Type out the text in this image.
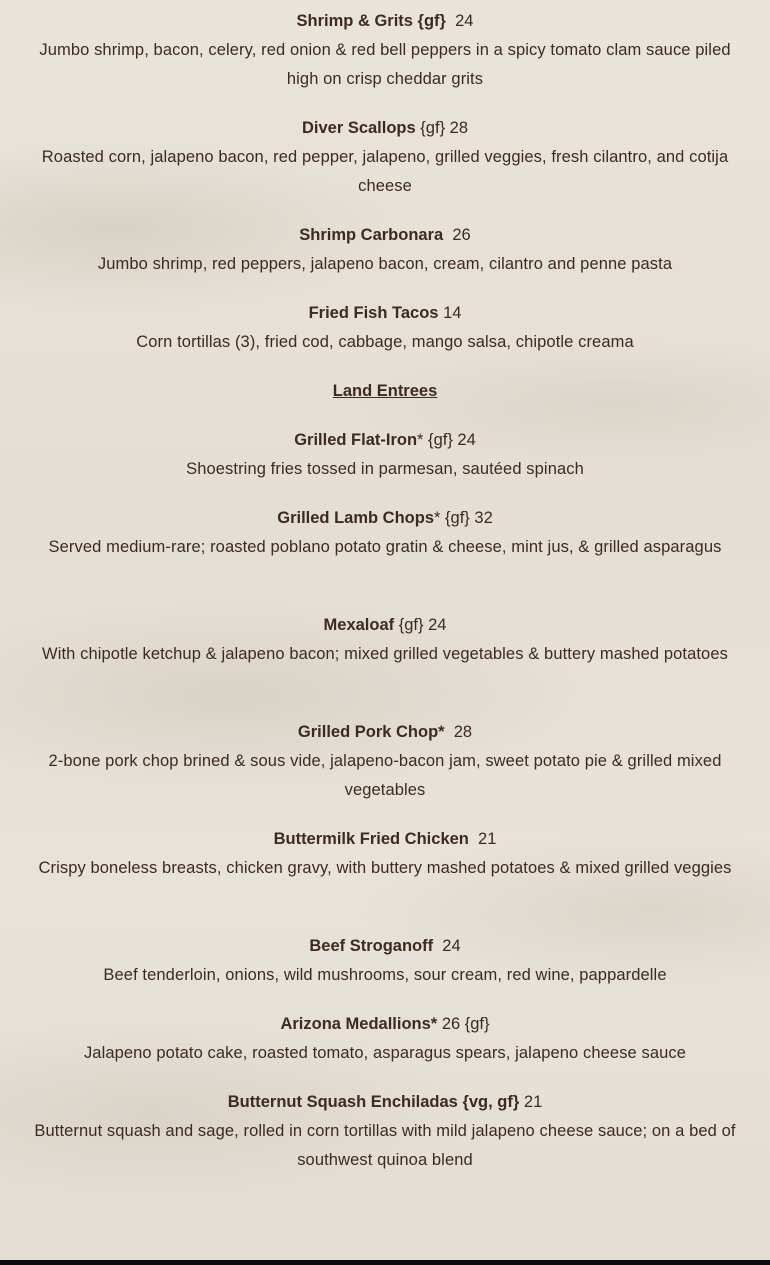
Shrimp & Grits {gf} 24

Jumbo shrimp, bacon, celery, red onion & red bell peppers in a spicy tomato clam sauce piled high on crisp cheddar grits

Diver Scallops {gf} 28

Roasted corn, jalapeno bacon, red pepper, jalapeno, grilled veggies, fresh cilantro, and cotija cheese

Shrimp Carbonara 26

Jumbo shrimp, red peppers, jalapeno bacon, cream, cilantro and penne pasta

Fried Fish Tacos 14

Corn tortillas (3), fried cod, cabbage, mango salsa, chipotle creama

Land Entrees
Grilled Flat-Iron* {gf} 24

Shoestring fries tossed in parmesan, sautéed spinach

Grilled Lamb Chops* {gf} 32

Served medium-rare; roasted poblano potato gratin & cheese, mint jus, & grilled asparagus

Mexaloaf {gf} 24

With chipotle ketchup & jalapeno bacon; mixed grilled vegetables & buttery mashed potatoes

Grilled Pork Chop* 28

2-bone pork chop brined & sous vide, jalapeno-bacon jam, sweet potato pie & grilled mixed vegetables

Buttermilk Fried Chicken 21

Crispy boneless breasts, chicken gravy, with buttery mashed potatoes & mixed grilled veggies

Beef Stroganoff 24

Beef tenderloin, onions, wild mushrooms, sour cream, red wine, pappardelle

Arizona Medallions* 26 {gf}

Jalapeno potato cake, roasted tomato, asparagus spears, jalapeno cheese sauce

Butternut Squash Enchiladas {vg, gf} 21

Butternut squash and sage, rolled in corn tortillas with mild jalapeno cheese sauce; on a bed of southwest quinoa blend
